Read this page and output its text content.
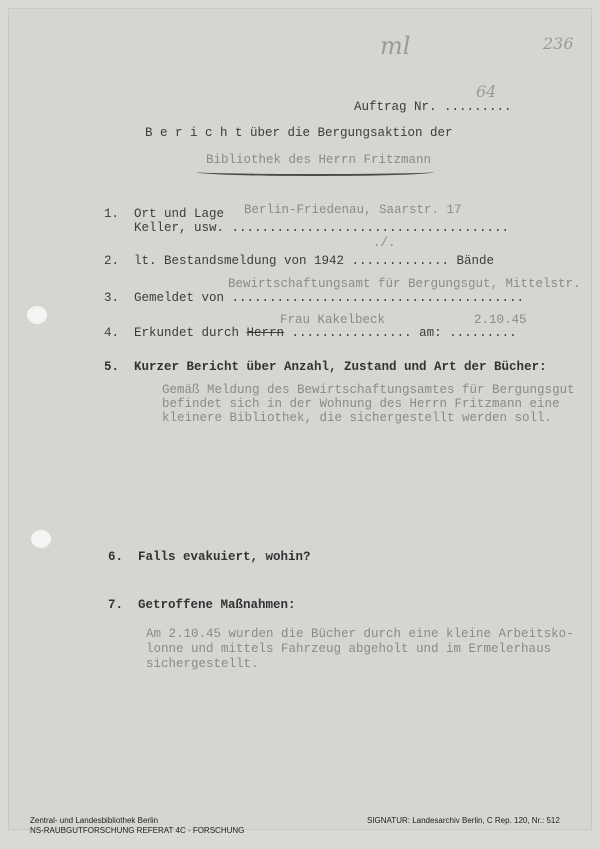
ml	236
64
Auftrag Nr. .........
B e r i c h t über die Bergungsaktion der
Bibliothek des Herrn Fritzmann
1. Ort und Lage Berlin-Friedenau, Saarstr. 17
Keller, usw. .....................................
./.
2. lt. Bestandsmeldung von 1942 ............. Bände
Bewirtschaftungsamt für Bergungsgut, Mittelstr.
3. Gemeldet von .......................................
Frau Kakelbeck	2.10.45
4. Erkundet durch Herrn ................ am: .........
5. Kurzer Bericht über Anzahl, Zustand und Art der Bücher:
Gemäß Meldung des Bewirtschaftungsamtes für Bergungsgut
befindet sich in der Wohnung des Herrn Fritzmann eine
kleinere Bibliothek, die sichergestellt werden soll.
6. Falls evakuiert, wohin?
7. Getroffene Maßnahmen:
Am 2.10.45 wurden die Bücher durch eine kleine Arbeitsko-
lonne und mittels Fahrzeug abgeholt und im Ermelerhaus
sichergestellt.
Zentral- und Landesbibliothek Berlin
NS-RAUBGUTFORSCHUNG REFERAT 4C - FORSCHUNG
SIGNATUR: Landesarchiv Berlin, C Rep. 120, Nr.: 512
